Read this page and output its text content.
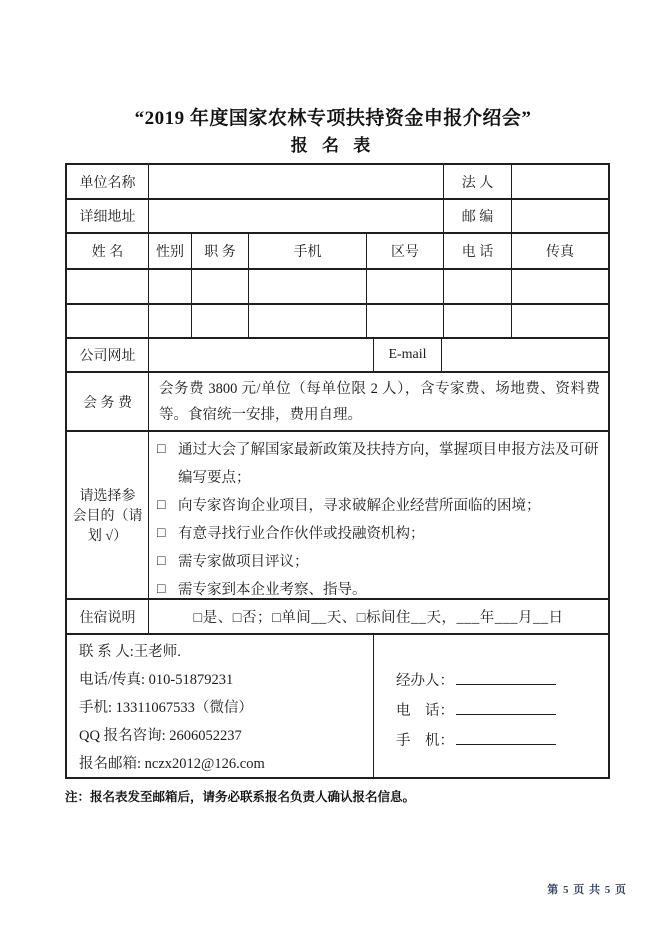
“2019 年度国家农林专项扶持资金申报介绍会”
报 名 表
单位名称	法 人
详细地址	邮 编
姓 名	性别	职 务	手机	区号	电 话	传真
公司网址	E-mail
会 务 费
会务费 3800 元/单位（每单位限 2 人），含专家费、场地费、资料费等。食宿统一安排，费用自理。
请选择参
会目的（请
划 √）
□ 通过大会了解国家最新政策及扶持方向，掌握项目申报方法及可研编写要点；
□ 向专家咨询企业项目，寻求破解企业经营所面临的困境；
□ 有意寻找行业合作伙伴或投融资机构；
□ 需专家做项目评议；
□ 需专家到本企业考察、指导。
住宿说明	□是、□否；□单间__天、□标间住__天，___年___月__日
联 系 人:王老师.
电话/传真: 010-51879231
手机: 13311067533（微信）
QQ 报名咨询: 2606052237
报名邮箱: nczx2012@126.com
经办人：
电　话：
手　机：
注：报名表发至邮箱后，请务必联系报名负责人确认报名信息。
第 5 页 共 5 页
